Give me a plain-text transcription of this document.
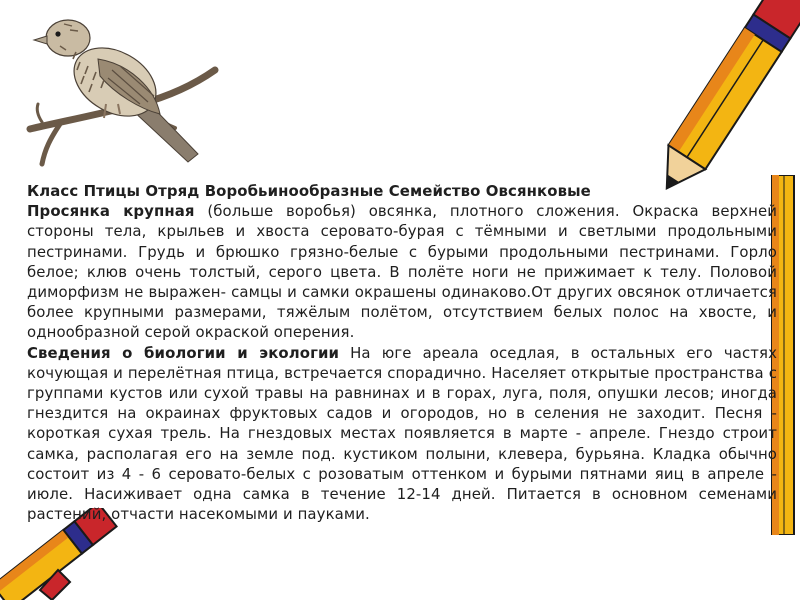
Класс Птицы Отряд Воробьинообразные Семейство Овсянковые

Просянка крупная (больше воробья) овсянка, плотного сложения. Окраска верхней стороны тела, крыльев и хвоста серовато-бурая с тёмными и светлыми продольными пестринами. Грудь и брюшко грязно-белые с бурыми продольными пестринами. Горло белое; клюв очень толстый, серого цвета. В полёте ноги не прижимает к телу. Половой диморфизм не выражен- самцы и самки окрашены одинаково.От других овсянок отличается более крупными размерами, тяжёлым полётом, отсутствием белых полос на хвосте, и однообразной серой окраской оперения.

Сведения о биологии и экологии На юге ареала оседлая, в остальных его частях кочующая и перелётная птица, встречается спорадично. Населяет открытые пространства с группами кустов или сухой травы на равнинах и в горах, луга, поля, опушки лесов; иногда гнездится на окраинах фруктовых садов и огородов, но в селения не заходит. Песня - короткая сухая трель. На гнездовых местах появляется в марте - апреле. Гнездо строит самка, располагая его на земле под. кустиком полыни, клевера, бурьяна. Кладка обычно состоит из 4 - 6 серовато-белых с розоватым оттенком и бурыми пятнами яиц в апреле - июле. Насиживает одна самка в течение 12-14 дней. Питается в основном семенами растений, отчасти насекомыми и пауками.
